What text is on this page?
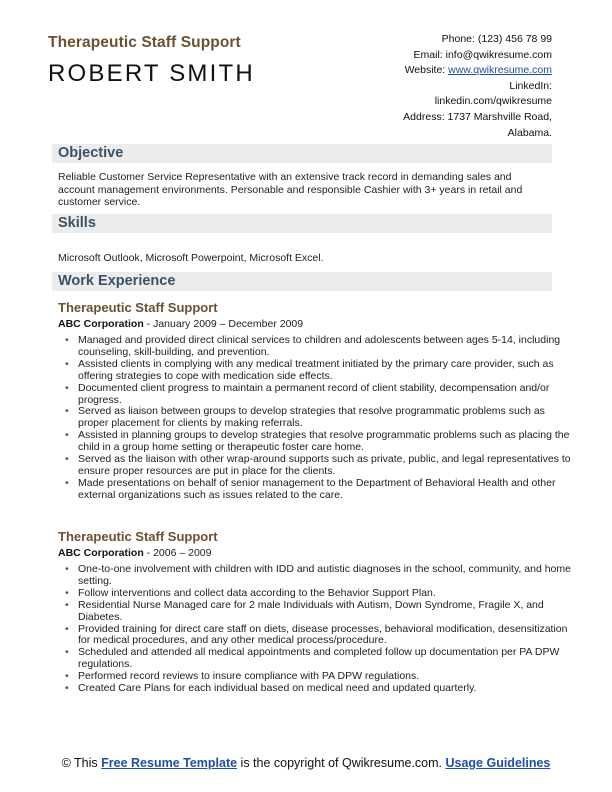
Therapeutic Staff Support
ROBERT SMITH
Phone: (123) 456 78 99
Email: info@qwikresume.com
Website: www.qwikresume.com
LinkedIn:
linkedin.com/qwikresume
Address: 1737 Marshville Road,
Alabama.
Objective
Reliable Customer Service Representative with an extensive track record in demanding sales and account management environments. Personable and responsible Cashier with 3+ years in retail and customer service.
Skills
Microsoft Outlook, Microsoft Powerpoint, Microsoft Excel.
Work Experience
Therapeutic Staff Support
ABC Corporation - January 2009 – December 2009
• Managed and provided direct clinical services to children and adolescents between ages 5-14, including counseling, skill-building, and prevention.
• Assisted clients in complying with any medical treatment initiated by the primary care provider, such as offering strategies to cope with medication side effects.
• Documented client progress to maintain a permanent record of client stability, decompensation and/or progress.
• Served as liaison between groups to develop strategies that resolve programmatic problems such as proper placement for clients by making referrals.
• Assisted in planning groups to develop strategies that resolve programmatic problems such as placing the child in a group home setting or therapeutic foster care home.
• Served as the liaison with other wrap-around supports such as private, public, and legal representatives to ensure proper resources are put in place for the clients.
• Made presentations on behalf of senior management to the Department of Behavioral Health and other external organizations such as issues related to the care.
Therapeutic Staff Support
ABC Corporation - 2006 – 2009
• One-to-one involvement with children with IDD and autistic diagnoses in the school, community, and home setting.
• Follow interventions and collect data according to the Behavior Support Plan.
• Residential Nurse Managed care for 2 male Individuals with Autism, Down Syndrome, Fragile X, and Diabetes.
• Provided training for direct care staff on diets, disease processes, behavioral modification, desensitization for medical procedures, and any other medical process/procedure.
• Scheduled and attended all medical appointments and completed follow up documentation per PA DPW regulations.
• Performed record reviews to insure compliance with PA DPW regulations.
• Created Care Plans for each individual based on medical need and updated quarterly.
© This Free Resume Template is the copyright of Qwikresume.com. Usage Guidelines
